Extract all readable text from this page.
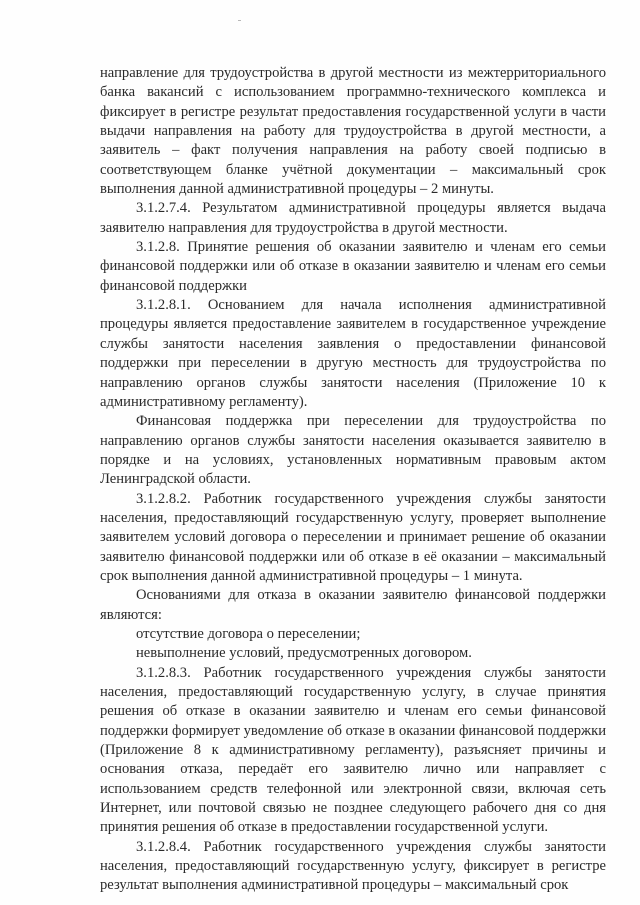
направление для трудоустройства в другой местности из межтерриториального банка вакансий с использованием программно-технического комплекса и фиксирует в регистре результат предоставления государственной услуги в части выдачи направления на работу для трудоустройства в другой местности, а заявитель – факт получения направления на работу своей подписью в соответствующем бланке учётной документации – максимальный срок выполнения данной административной процедуры – 2 минуты.

3.1.2.7.4. Результатом административной процедуры является выдача заявителю направления для трудоустройства в другой местности.

3.1.2.8. Принятие решения об оказании заявителю и членам его семьи финансовой поддержки или об отказе в оказании заявителю и членам его семьи финансовой поддержки

3.1.2.8.1. Основанием для начала исполнения административной процедуры является предоставление заявителем в государственное учреждение службы занятости населения заявления о предоставлении финансовой поддержки при переселении в другую местность для трудоустройства по направлению органов службы занятости населения (Приложение 10 к административному регламенту).

Финансовая поддержка при переселении для трудоустройства по направлению органов службы занятости населения оказывается заявителю в порядке и на условиях, установленных нормативным правовым актом Ленинградской области.

3.1.2.8.2. Работник государственного учреждения службы занятости населения, предоставляющий государственную услугу, проверяет выполнение заявителем условий договора о переселении и принимает решение об оказании заявителю финансовой поддержки или об отказе в её оказании – максимальный срок выполнения данной административной процедуры – 1 минута.

Основаниями для отказа в оказании заявителю финансовой поддержки являются:

отсутствие договора о переселении;

невыполнение условий, предусмотренных договором.

3.1.2.8.3. Работник государственного учреждения службы занятости населения, предоставляющий государственную услугу, в случае принятия решения об отказе в оказании заявителю и членам его семьи финансовой поддержки формирует уведомление об отказе в оказании финансовой поддержки (Приложение 8 к административному регламенту), разъясняет причины и основания отказа, передаёт его заявителю лично или направляет с использованием средств телефонной или электронной связи, включая сеть Интернет, или почтовой связью не позднее следующего рабочего дня со дня принятия решения об отказе в предоставлении государственной услуги.

3.1.2.8.4. Работник государственного учреждения службы занятости населения, предоставляющий государственную услугу, фиксирует в регистре результат выполнения административной процедуры – максимальный срок
